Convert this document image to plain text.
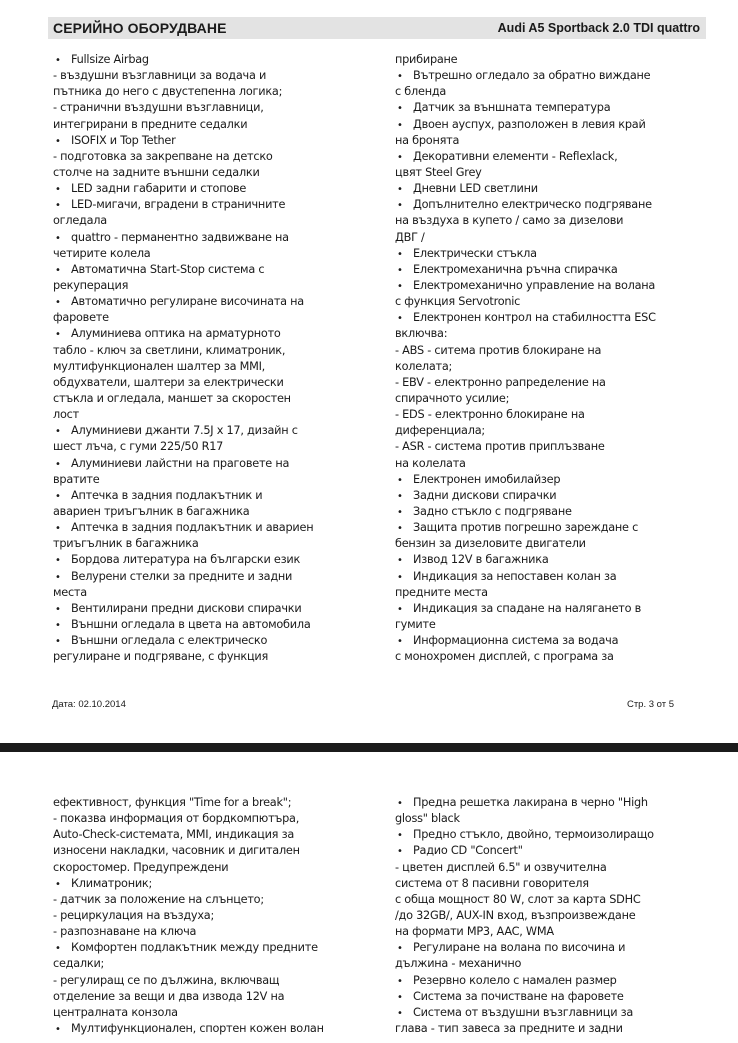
СЕРИЙНО ОБОРУДВАНЕ	Audi A5 Sportback 2.0 TDI quattro
• Fullsize Airbag
- въздушни възглавници за водача и
пътника до него с двустепенна логика;
- странични въздушни възглавници,
интегрирани в предните седалки
• ISOFIX и Top Tether
- подготовка за закрепване на детско
столче на задните външни седалки
• LED задни габарити и стопове
• LED-мигачи, вградени в страничните
огледала
• quattro - перманентно задвижване на
четирите колела
• Автоматична Start-Stop система с
рекуперация
• Автоматично регулиране височината на
фаровете
• Алуминиева оптика на арматурното
табло - ключ за светлини, климатроник,
мултифункционален шалтер за MMI,
обдухватели, шалтери за електрически
стъкла и огледала, маншет за скоростен
лост
• Алуминиеви джанти 7.5J x 17, дизайн с
шест лъча, с гуми 225/50 R17
• Алуминиеви лайстни на праговете на
вратите
• Аптечка в задния подлакътник и
авариен триъгълник в багажника
• Аптечка в задния подлакътник и авариен
триъгълник в багажника
• Бордова литература на български език
• Велурени стелки за предните и задни
места
• Вентилирани предни дискови спирачки
• Външни огледала в цвета на автомобила
• Външни огледала с електрическо
регулиране и подгряване, с функция
прибиране
• Вътрешно огледало за обратно виждане
с бленда
• Датчик за външната температура
• Двоен ауспух, разположен в левия край
на бронята
• Декоративни елементи - Reflexlack,
цвят Steel Grey
• Дневни LED светлини
• Допълнително електрическо подгряване
на въздуха в купето / само за дизелови
ДВГ /
• Електрически стъкла
• Електромеханична ръчна спирачка
• Електромеханично управление на волана
с функция Servotronic
• Електронен контрол на стабилността ESC
включва:
- ABS - ситема против блокиране на
колелата;
- EBV - електронно рапределение на
спирачното усилие;
- EDS - електронно блокиране на
диференциала;
- ASR - система против приплъзване
на колелата
• Електронен имобилайзер
• Задни дискови спирачки
• Задно стъкло с подгряване
• Защита против погрешно зареждане с
бензин за дизеловите двигатели
• Извод 12V в багажника
• Индикация за непоставен колан за
предните места
• Индикация за спадане на налягането в
гумите
• Информационна система за водача
с монохромен дисплей, с програма за
Дата: 02.10.2014	Стр. 3 от 5
ефективност, функция "Time for a break";
- показва информация от бордкомпютъра,
Auto-Check-системата, MMI, индикация за
износени накладки, часовник и дигитален
скоростомер. Предупреждени
• Климатроник;
- датчик за положение на слънцето;
- рециркулация на въздуха;
- разпознаване на ключа
• Комфортен подлакътник между предните
седалки;
- регулиращ се по дължина, включващ
отделение за вещи и два извода 12V на
централната конзола
• Мултифункционален, спортен кожен волан
• Предна решетка лакирана в черно "High
gloss" black
• Предно стъкло, двойно, термоизолиращо
• Радио CD "Concert"
- цветен дисплей 6.5" и озвучителна
система от 8 пасивни говорителя
с обща мощност 80 W, слот за карта SDHC
/до 32GB/, AUX-IN вход, възпроизвеждане
на формати MP3, AAC, WMA
• Регулиране на волана по височина и
дължина - механично
• Резервно колело с намален размер
• Система за почистване на фаровете
• Система от въздушни възглавници за
глава - тип завеса за предните и задни
